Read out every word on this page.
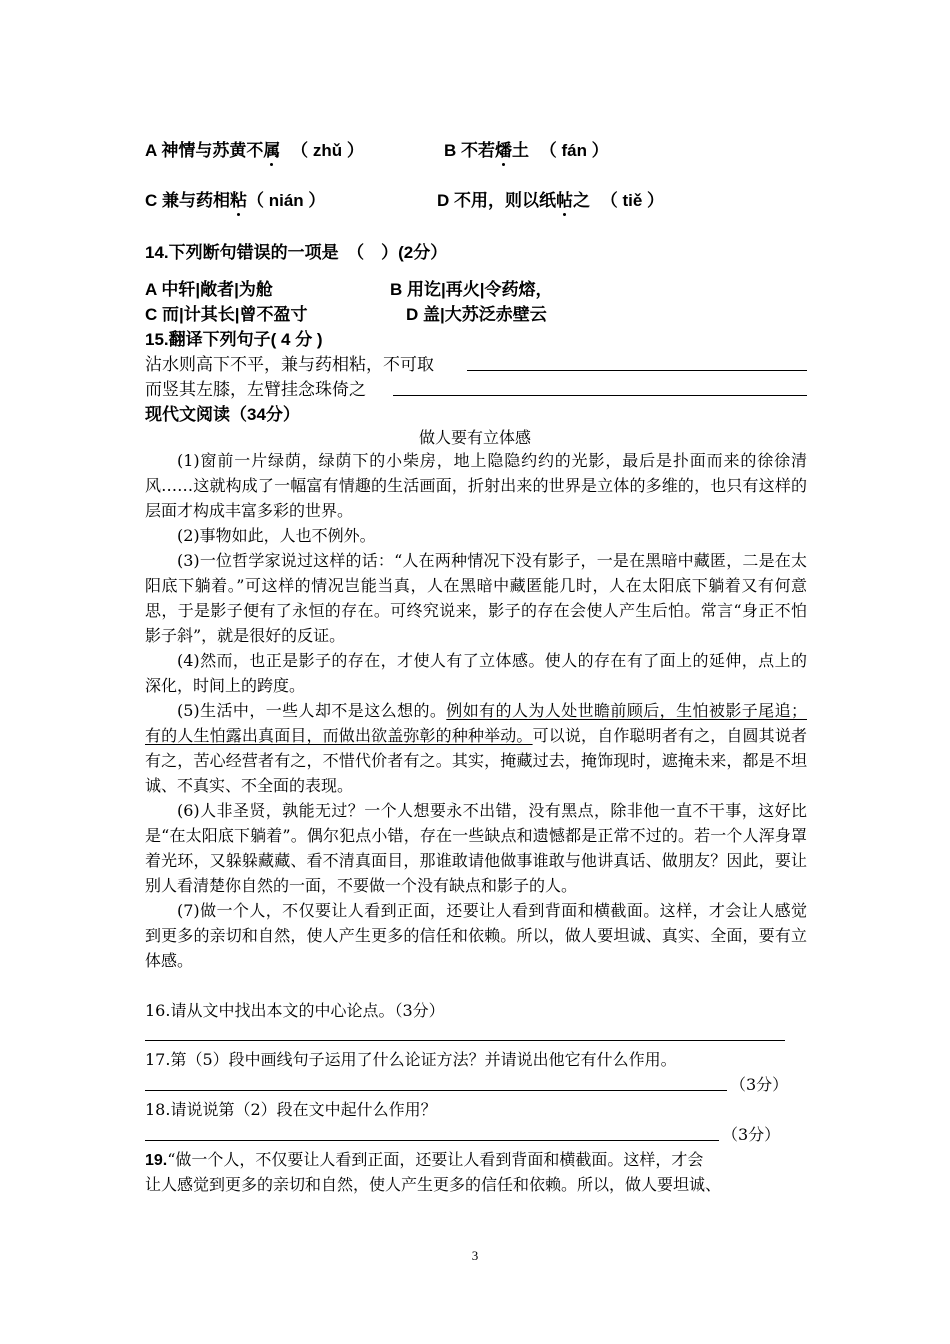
A 神情与苏黄不属 （ zhǔ ）	B 不若燔土 （ fán ）
C 兼与药相粘（ nián ）	D 不用，则以纸帖之 （ tiě ）
14.下列断句错误的一项是　（　）(2分）
A 中轩|敞者|为舱	B 用讫|再火|令药熔，
C 而|计其长|曾不盈寸	D 盖|大苏泛赤壁云
15.翻译下列句子( 4 分 )
沾水则高下不平，兼与药相粘，不可取
而竖其左膝，左臂挂念珠倚之
现代文阅读（34分）
做人要有立体感

(1)窗前一片绿荫，绿荫下的小柴房，地上隐隐约约的光影，最后是扑面而来的徐徐清风……这就构成了一幅富有情趣的生活画面，折射出来的世界是立体的多维的，也只有这样的层面才构成丰富多彩的世界。

(2)事物如此，人也不例外。

(3)一位哲学家说过这样的话：“人在两种情况下没有影子，一是在黑暗中藏匿，二是在太阳底下躺着。”可这样的情况岂能当真，人在黑暗中藏匿能几时，人在太阳底下躺着又有何意思，于是影子便有了永恒的存在。可终究说来，影子的存在会使人产生后怕。常言“身正不怕影子斜”，就是很好的反证。

(4)然而，也正是影子的存在，才使人有了立体感。使人的存在有了面上的延伸，点上的深化，时间上的跨度。

(5)生活中，一些人却不是这么想的。例如有的人为人处世瞻前顾后，生怕被影子尾追；有的人生怕露出真面目，而做出欲盖弥彰的种种举动。可以说，自作聪明者有之，自圆其说者有之，苦心经营者有之，不惜代价者有之。其实，掩藏过去，掩饰现时，遮掩未来，都是不坦诚、不真实、不全面的表现。

(6)人非圣贤，孰能无过？一个人想要永不出错，没有黑点，除非他一直不干事，这好比是“在太阳底下躺着”。偶尔犯点小错，存在一些缺点和遗憾都是正常不过的。若一个人浑身罩着光环，又躲躲藏藏、看不清真面目，那谁敢请他做事谁敢与他讲真话、做朋友？因此，要让别人看清楚你自然的一面，不要做一个没有缺点和影子的人。

(7)做一个人，不仅要让人看到正面，还要让人看到背面和横截面。这样，才会让人感觉到更多的亲切和自然，使人产生更多的信任和依赖。所以，做人要坦诚、真实、全面，要有立体感。

16.请从文中找出本文的中心论点。（3分）
17.第（5）段中画线句子运用了什么论证方法？并请说出他它有什么作用。
（3分）
18.请说说第（2）段在文中起什么作用？
（3分）
19.“做一个人，不仅要让人看到正面，还要让人看到背面和横截面。这样，才会
让人感觉到更多的亲切和自然，使人产生更多的信任和依赖。所以，做人要坦诚、
3
